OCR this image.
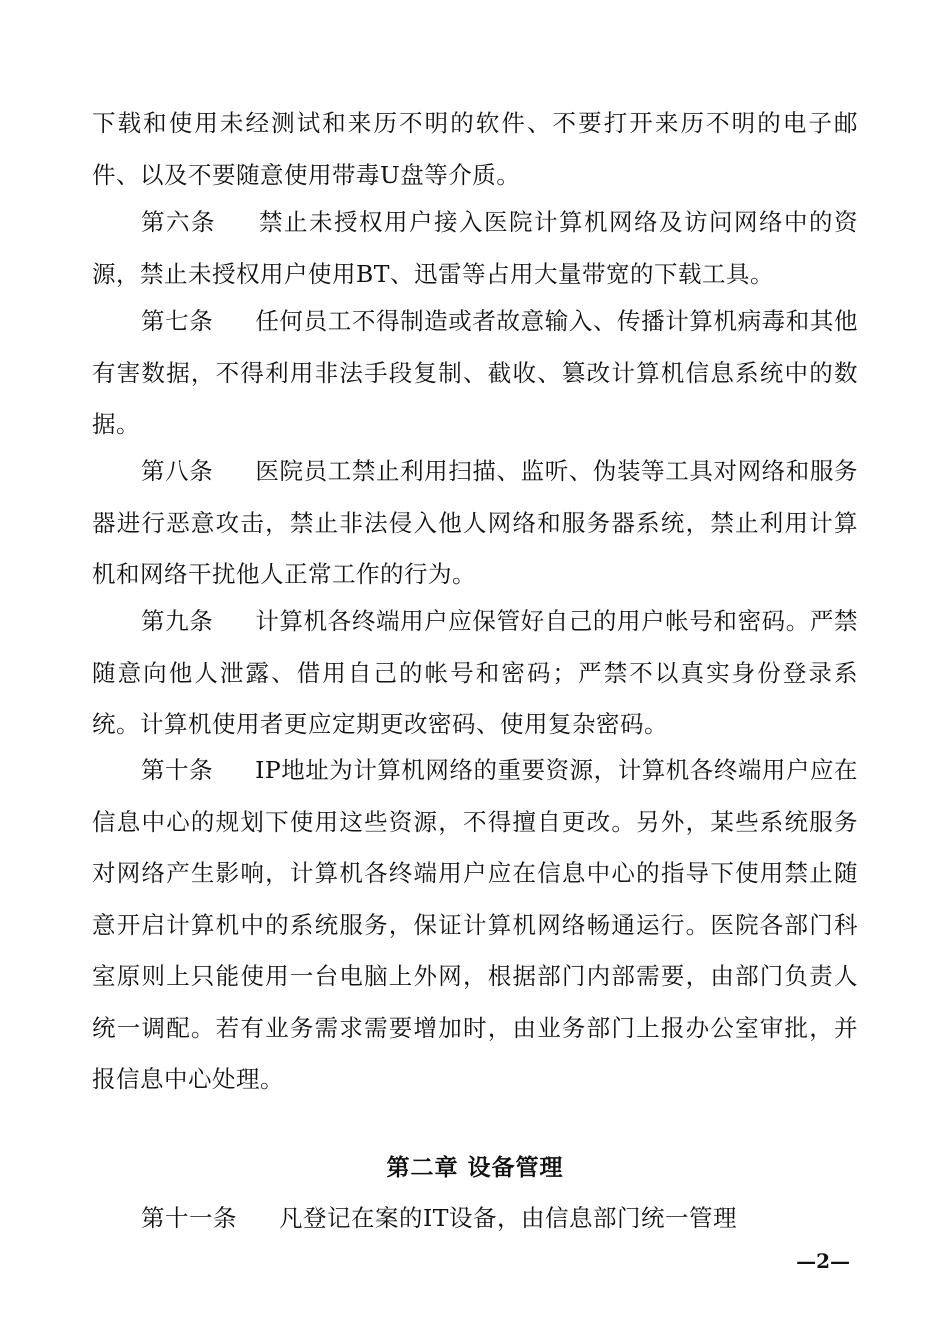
下载和使用未经测试和来历不明的软件、不要打开来历不明的电子邮件、以及不要随意使用带毒U盘等介质。

第六条 禁止未授权用户接入医院计算机网络及访问网络中的资源，禁止未授权用户使用BT、迅雷等占用大量带宽的下载工具。

第七条 任何员工不得制造或者故意输入、传播计算机病毒和其他有害数据，不得利用非法手段复制、截收、篡改计算机信息系统中的数据。

第八条 医院员工禁止利用扫描、监听、伪装等工具对网络和服务器进行恶意攻击，禁止非法侵入他人网络和服务器系统，禁止利用计算机和网络干扰他人正常工作的行为。

第九条 计算机各终端用户应保管好自己的用户帐号和密码。严禁随意向他人泄露、借用自己的帐号和密码；严禁不以真实身份登录系统。计算机使用者更应定期更改密码、使用复杂密码。

第十条 IP地址为计算机网络的重要资源，计算机各终端用户应在信息中心的规划下使用这些资源，不得擅自更改。另外，某些系统服务对网络产生影响，计算机各终端用户应在信息中心的指导下使用禁止随意开启计算机中的系统服务，保证计算机网络畅通运行。医院各部门科室原则上只能使用一台电脑上外网，根据部门内部需要，由部门负责人统一调配。若有业务需求需要增加时，由业务部门上报办公室审批，并报信息中心处理。

第二章 设备管理

第十一条 凡登记在案的IT设备，由信息部门统一管理

—2—
